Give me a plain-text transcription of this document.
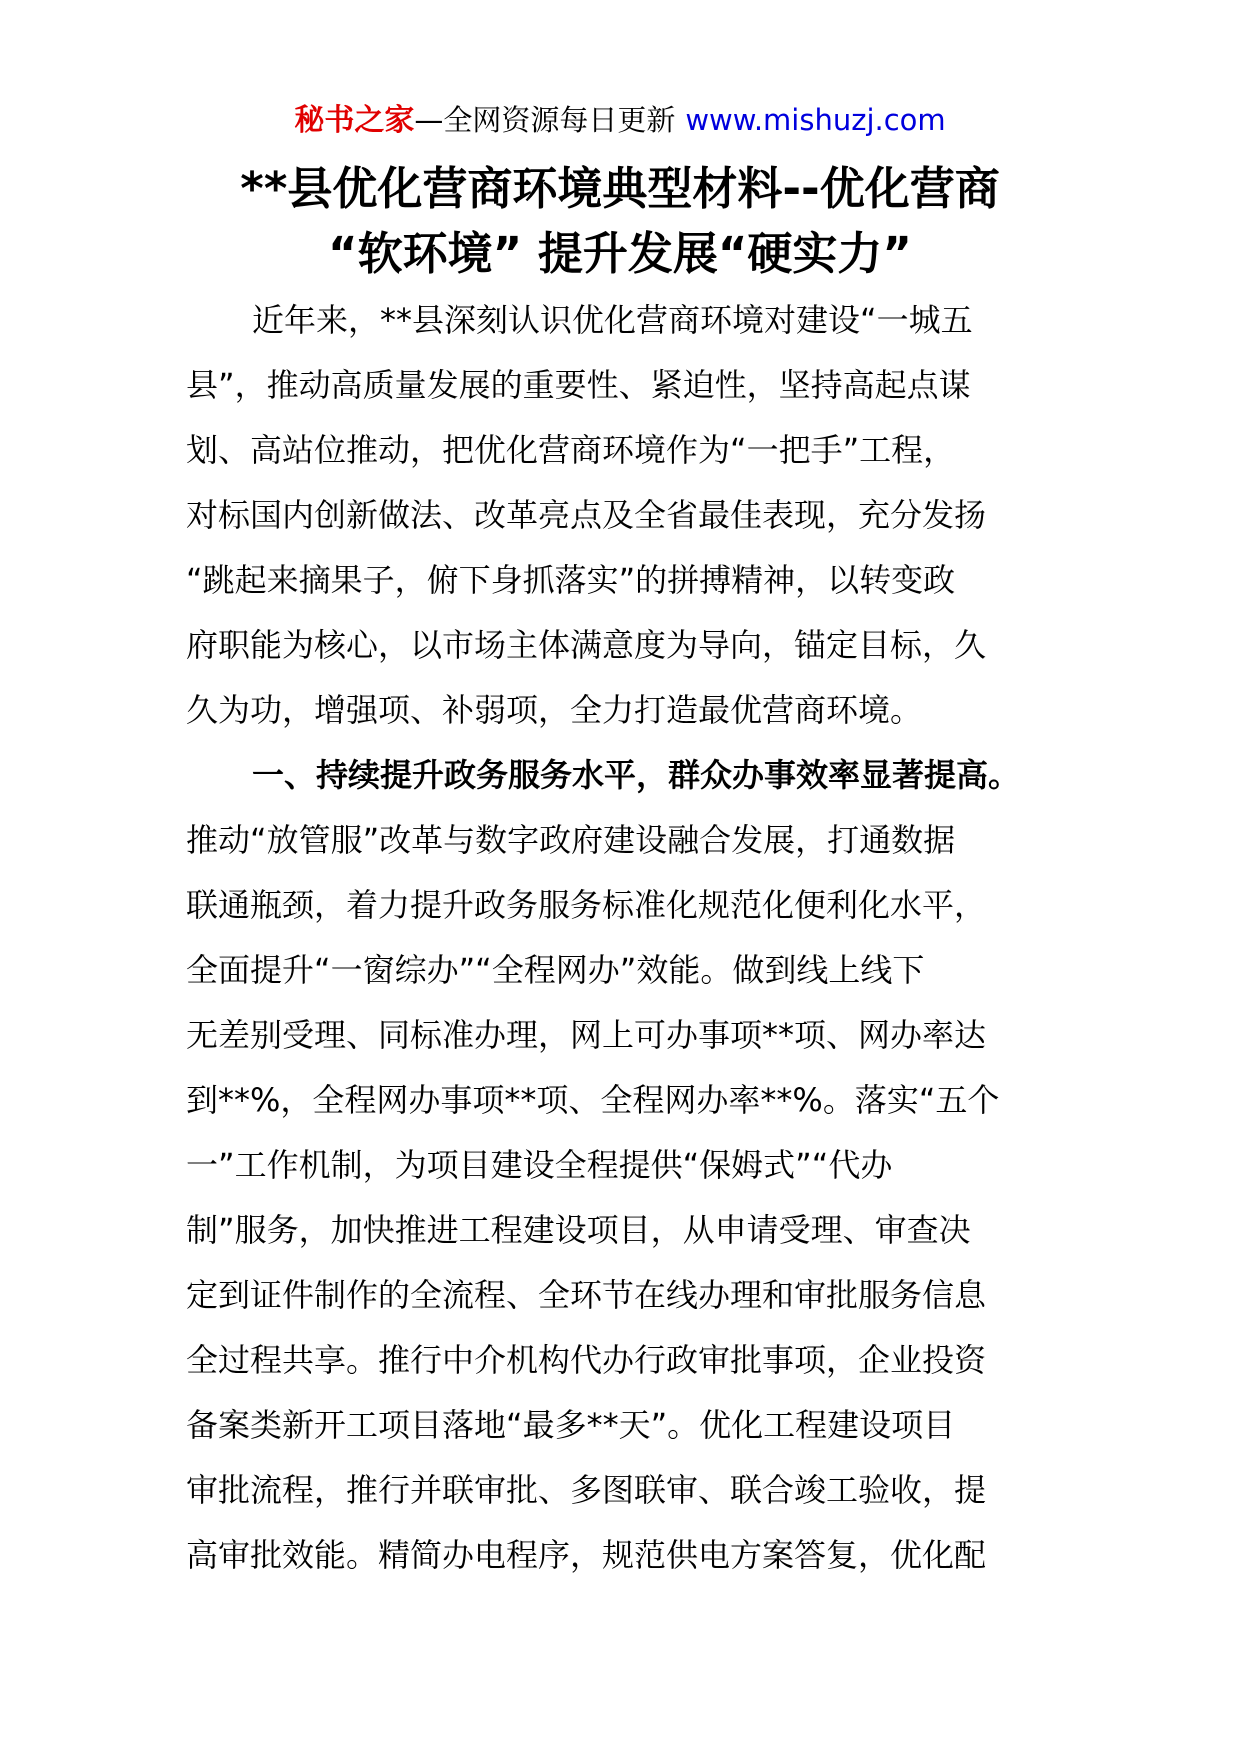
秘书之家—全网资源每日更新 www.mishuzj.com
**县优化营商环境典型材料--优化营商
“软环境” 提升发展“硬实力”
近年来，**县深刻认识优化营商环境对建设“一城五
县”，推动高质量发展的重要性、紧迫性，坚持高起点谋
划、高站位推动，把优化营商环境作为“一把手”工程，
对标国内创新做法、改革亮点及全省最佳表现，充分发扬
“跳起来摘果子，俯下身抓落实”的拼搏精神，以转变政
府职能为核心，以市场主体满意度为导向，锚定目标，久
久为功，增强项、补弱项，全力打造最优营商环境。
一、持续提升政务服务水平，群众办事效率显著提高。
推动“放管服”改革与数字政府建设融合发展，打通数据
联通瓶颈，着力提升政务服务标准化规范化便利化水平，
全面提升“一窗综办”“全程网办”效能。做到线上线下
无差别受理、同标准办理，网上可办事项**项、网办率达
到**%，全程网办事项**项、全程网办率**%。落实“五个
一”工作机制，为项目建设全程提供“保姆式”“代办
制”服务，加快推进工程建设项目，从申请受理、审查决
定到证件制作的全流程、全环节在线办理和审批服务信息
全过程共享。推行中介机构代办行政审批事项，企业投资
备案类新开工项目落地“最多**天”。优化工程建设项目
审批流程，推行并联审批、多图联审、联合竣工验收，提
高审批效能。精简办电程序，规范供电方案答复，优化配
